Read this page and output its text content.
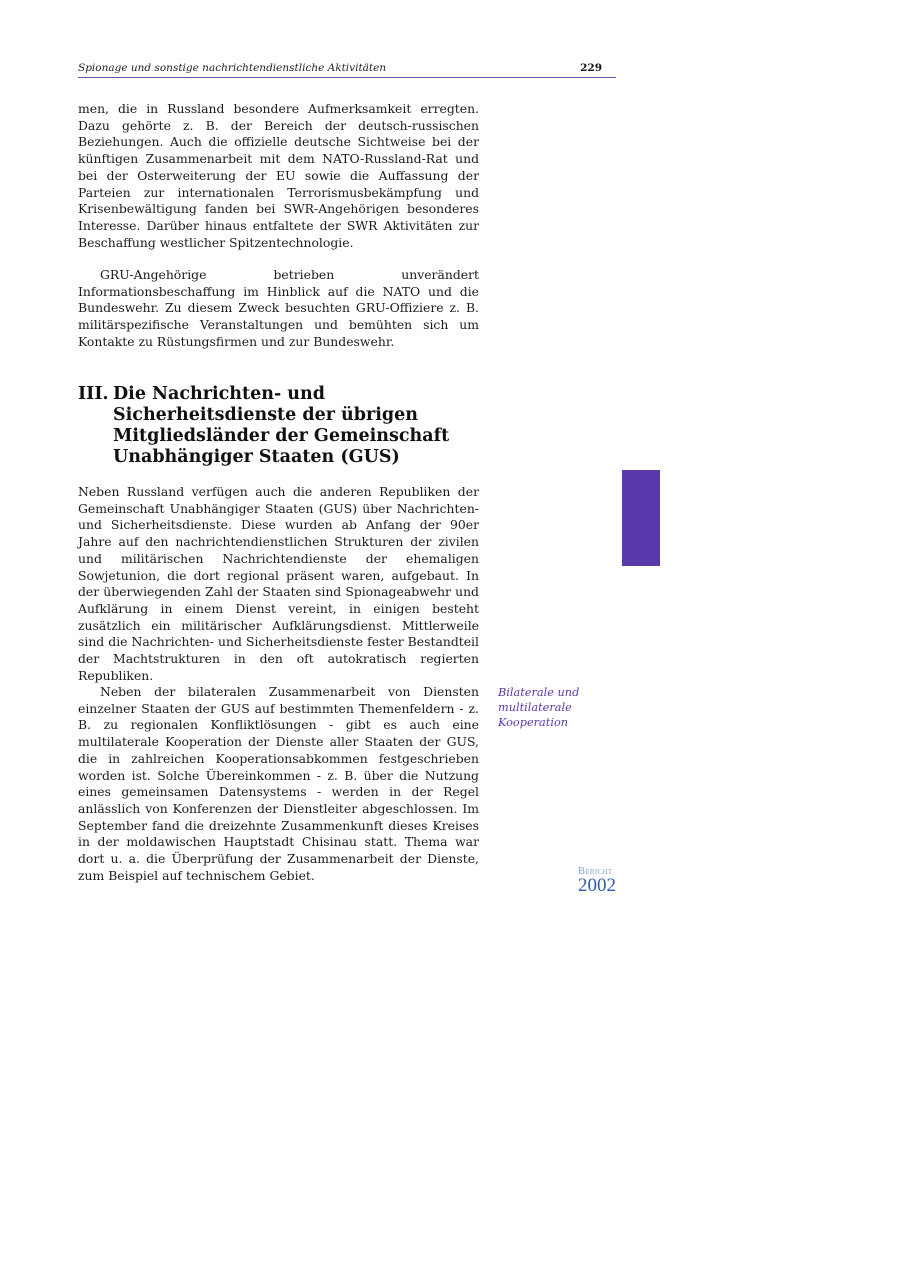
Spionage und sonstige nachrichtendienstliche Aktivitäten	229

men, die in Russland besondere Aufmerksamkeit erregten. Dazu gehörte z. B. der Bereich der deutsch-russischen Beziehungen. Auch die offizielle deutsche Sichtweise bei der künftigen Zusammenarbeit mit dem NATO-Russland-Rat und bei der Osterweiterung der EU sowie die Auffassung der Parteien zur internationalen Terrorismusbekämpfung und Krisenbewältigung fanden bei SWR-Angehörigen besonderes Interesse. Darüber hinaus entfaltete der SWR Aktivitäten zur Beschaffung westlicher Spitzentechnologie.

GRU-Angehörige betrieben unverändert Informationsbeschaffung im Hinblick auf die NATO und die Bundeswehr. Zu diesem Zweck besuchten GRU-Offiziere z. B. militärspezifische Veranstaltungen und bemühten sich um Kontakte zu Rüstungsfirmen und zur Bundeswehr.

III. Die Nachrichten- und Sicherheitsdienste der übrigen Mitgliedsländer der Gemeinschaft Unabhängiger Staaten (GUS)

Neben Russland verfügen auch die anderen Republiken der Gemeinschaft Unabhängiger Staaten (GUS) über Nachrichten- und Sicherheitsdienste. Diese wurden ab Anfang der 90er Jahre auf den nachrichtendienstlichen Strukturen der zivilen und militärischen Nachrichtendienste der ehemaligen Sowjetunion, die dort regional präsent waren, aufgebaut. In der überwiegenden Zahl der Staaten sind Spionageabwehr und Aufklärung in einem Dienst vereint, in einigen besteht zusätzlich ein militärischer Aufklärungsdienst. Mittlerweile sind die Nachrichten- und Sicherheitsdienste fester Bestandteil der Machtstrukturen in den oft autokratisch regierten Republiken.

Bilaterale und multilaterale Kooperation

Neben der bilateralen Zusammenarbeit von Diensten einzelner Staaten der GUS auf bestimmten Themenfeldern - z. B. zu regionalen Konfliktlösungen - gibt es auch eine multilaterale Kooperation der Dienste aller Staaten der GUS, die in zahlreichen Kooperationsabkommen festgeschrieben worden ist. Solche Übereinkommen - z. B. über die Nutzung eines gemeinsamen Datensystems - werden in der Regel anlässlich von Konferenzen der Dienstleiter abgeschlossen. Im September fand die dreizehnte Zusammenkunft dieses Kreises in der moldawischen Hauptstadt Chisinau statt. Thema war dort u. a. die Überprüfung der Zusammenarbeit der Dienste, zum Beispiel auf technischem Gebiet.	Bericht
2002
